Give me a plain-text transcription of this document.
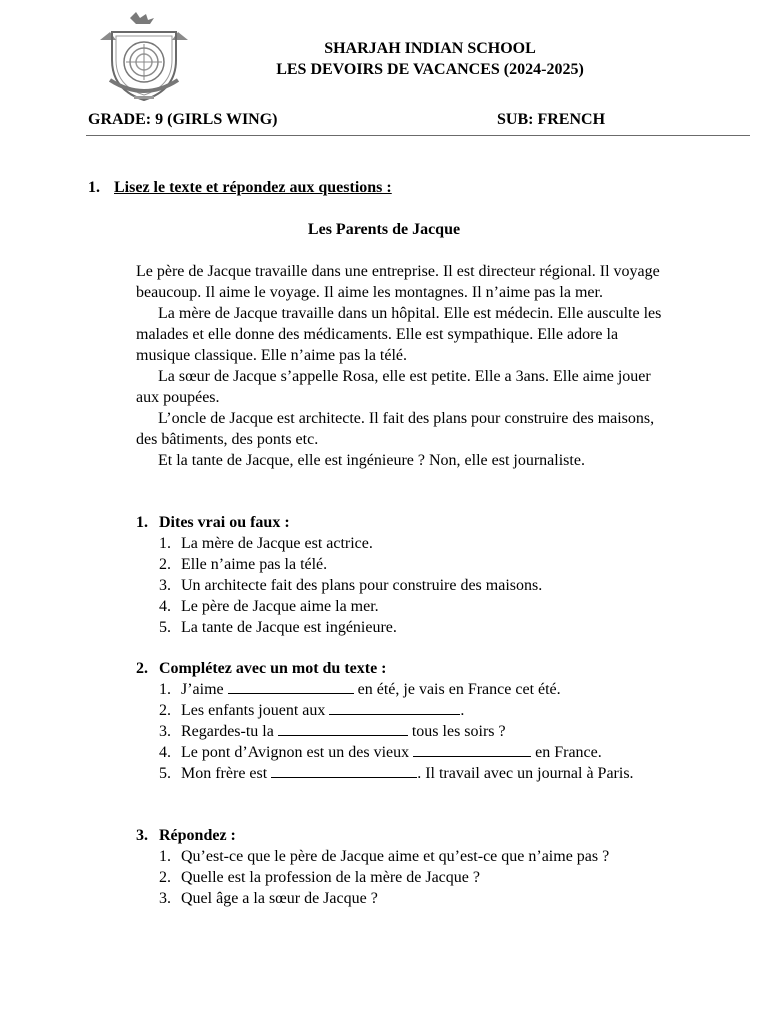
SHARJAH INDIAN SCHOOL
LES DEVOIRS DE VACANCES (2024-2025)
GRADE: 9 (GIRLS WING)	SUB: FRENCH
1. Lisez le texte et répondez aux questions :
Les Parents de Jacque

Le père de Jacque travaille dans une entreprise. Il est directeur régional. Il voyage beaucoup. Il aime le voyage. Il aime les montagnes. Il n’aime pas la mer.

La mère de Jacque travaille dans un hôpital. Elle est médecin. Elle ausculte les malades et elle donne des médicaments. Elle est sympathique. Elle adore la musique classique. Elle n’aime pas la télé.

La sœur de Jacque s’appelle Rosa, elle est petite. Elle a 3ans. Elle aime jouer aux poupées.

L’oncle de Jacque est architecte. Il fait des plans pour construire des maisons, des bâtiments, des ponts etc.

Et la tante de Jacque, elle est ingénieure ? Non, elle est journaliste.

1. Dites vrai ou faux :
1. La mère de Jacque est actrice.
2. Elle n’aime pas la télé.
3. Un architecte fait des plans pour construire des maisons.
4. Le père de Jacque aime la mer.
5. La tante de Jacque est ingénieure.
2. Complétez avec un mot du texte :
1. J’aime	en été, je vais en France cet été.
2. Les enfants jouent aux	.
3. Regardes-tu la	tous les soirs ?
4. Le pont d’Avignon est un des vieux	en France.
5. Mon frère est	. Il travail avec un journal à Paris.
3. Répondez :
1. Qu’est-ce que le père de Jacque aime et qu’est-ce que n’aime pas ?
2. Quelle est la profession de la mère de Jacque ?
3. Quel âge a la sœur de Jacque ?
